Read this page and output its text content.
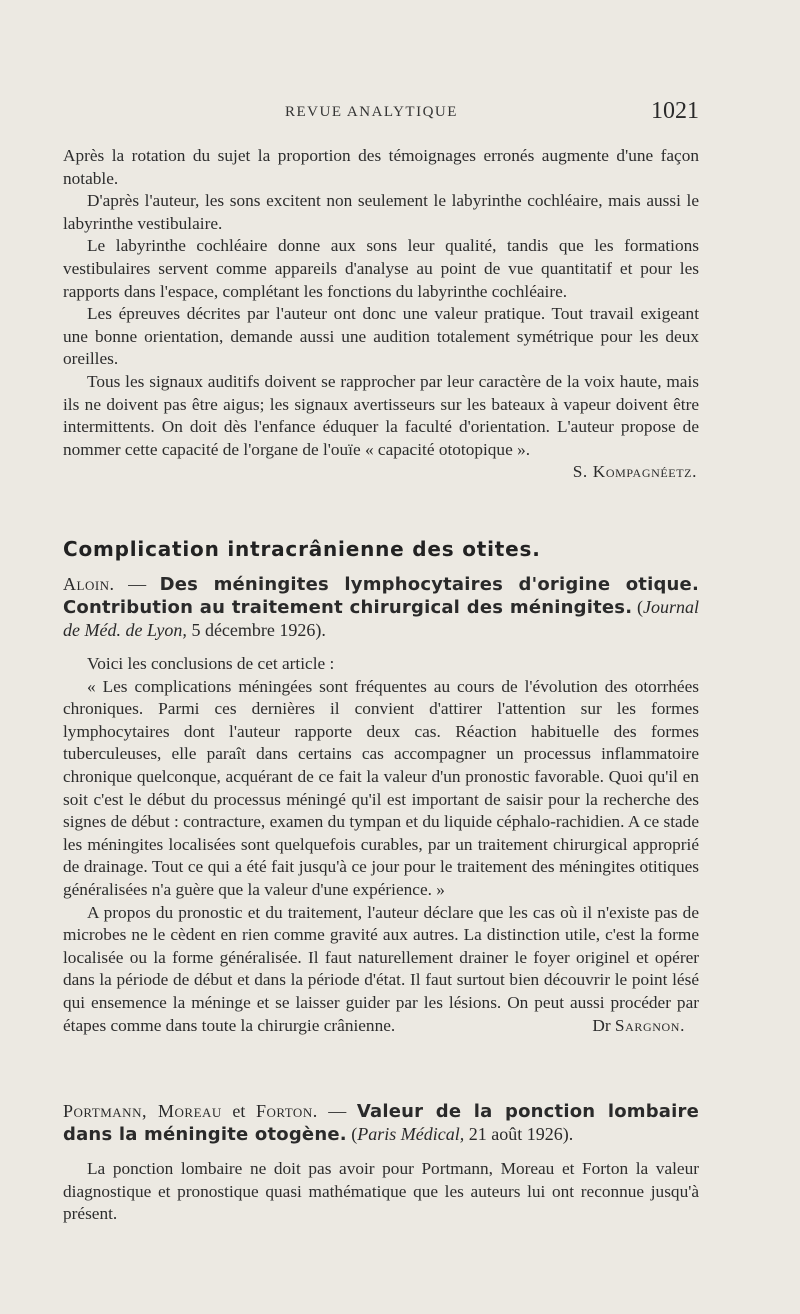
REVUE ANALYTIQUE	1021

Après la rotation du sujet la proportion des témoignages erronés augmente d'une façon notable.

D'après l'auteur, les sons excitent non seulement le labyrinthe cochléaire, mais aussi le labyrinthe vestibulaire.

Le labyrinthe cochléaire donne aux sons leur qualité, tandis que les formations vestibulaires servent comme appareils d'analyse au point de vue quantitatif et pour les rapports dans l'espace, complétant les fonctions du labyrinthe cochléaire.

Les épreuves décrites par l'auteur ont donc une valeur pratique. Tout travail exigeant une bonne orientation, demande aussi une audition totalement symétrique pour les deux oreilles.

Tous les signaux auditifs doivent se rapprocher par leur caractère de la voix haute, mais ils ne doivent pas être aigus; les signaux avertisseurs sur les bateaux à vapeur doivent être intermittents. On doit dès l'enfance éduquer la faculté d'orientation. L'auteur propose de nommer cette capacité de l'organe de l'ouïe « capacité ototopique ».

S. Kompagnéetz.
Complication intracrânienne des otites.
Aloin. — Des méningites lymphocytaires d'origine otique. Contribution au traitement chirurgical des méningites. (Journal de Méd. de Lyon, 5 décembre 1926).

Voici les conclusions de cet article :

« Les complications méningées sont fréquentes au cours de l'évolution des otorrhées chroniques. Parmi ces dernières il convient d'attirer l'attention sur les formes lymphocytaires dont l'auteur rapporte deux cas. Réaction habituelle des formes tuberculeuses, elle paraît dans certains cas accompagner un processus inflammatoire chronique quelconque, acquérant de ce fait la valeur d'un pronostic favorable. Quoi qu'il en soit c'est le début du processus méningé qu'il est important de saisir pour la recherche des signes de début : contracture, examen du tympan et du liquide céphalo-rachidien. A ce stade les méningites localisées sont quelquefois curables, par un traitement chirurgical approprié de drainage. Tout ce qui a été fait jusqu'à ce jour pour le traitement des méningites otitiques généralisées n'a guère que la valeur d'une expérience. »

A propos du pronostic et du traitement, l'auteur déclare que les cas où il n'existe pas de microbes ne le cèdent en rien comme gravité aux autres. La distinction utile, c'est la forme localisée ou la forme généralisée. Il faut naturellement drainer le foyer originel et opérer dans la période de début et dans la période d'état. Il faut surtout bien découvrir le point lésé qui ensemence la méninge et se laisser guider par les lésions. On peut aussi procéder par étapes comme dans toute la chirurgie crânienne.	Dr Sargnon.
Portmann, Moreau et Forton. — Valeur de la ponction lombaire dans la méningite otogène. (Paris Médical, 21 août 1926).

La ponction lombaire ne doit pas avoir pour Portmann, Moreau et Forton la valeur diagnostique et pronostique quasi mathématique que les auteurs lui ont reconnue jusqu'à présent.
